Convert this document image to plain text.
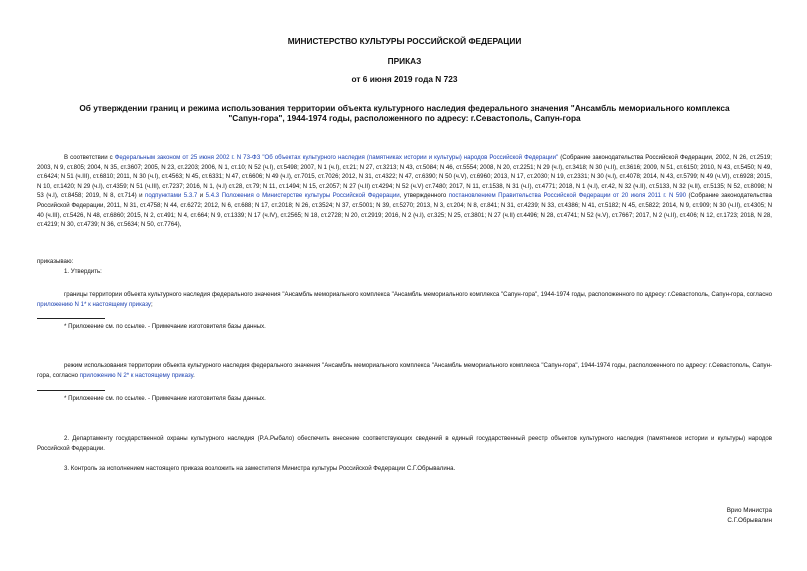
МИНИСТЕРСТВО КУЛЬТУРЫ РОССИЙСКОЙ ФЕДЕРАЦИИ
ПРИКАЗ
от 6 июня 2019 года N 723
Об утверждении границ и режима использования территории объекта культурного наследия федерального значения "Ансамбль мемориального комплекса "Сапун-гора", 1944-1974 годы, расположенного по адресу: г.Севастополь, Сапун-гора
В соответствии с Федеральным законом от 25 июня 2002 г. N 73-ФЗ "Об объектах культурного наследия (памятниках истории и культуры) народов Российской Федерации" (Собрание законодательства Российской Федерации, 2002, N 26, ст.2519; 2003, N 9, ст.805; 2004, N 35, ст.3607; 2005, N 23, ст.2203; 2006, N 1, ст.10; N 52 (ч.I), ст.5498; 2007, N 1 (ч.I), ст.21; N 27, ст.3213; N 43, ст.5084; N 46, ст.5554; 2008, N 20, ст.2251; N 29 (ч.I), ст.3418; N 30 (ч.II), ст.3616; 2009, N 51, ст.6150; 2010, N 43, ст.5450; N 49, ст.6424; N 51 (ч.III), ст.6810; 2011, N 30 (ч.I), ст.4563; N 45, ст.6331; N 47, ст.6606; N 49 (ч.I), ст.7015, ст.7026; 2012, N 31, ст.4322; N 47, ст.6390; N 50 (ч.V), ст.6960; 2013, N 17, ст.2030; N 19, ст.2331; N 30 (ч.I), ст.4078; 2014, N 43, ст.5799; N 49 (ч.VI), ст.6928; 2015, N 10, ст.1420; N 29 (ч.I), ст.4359; N 51 (ч.III), ст.7237; 2016, N 1, (ч.I) ст.28, ст.79; N 11, ст.1494; N 15, ст.2057; N 27 (ч.II) ст.4294; N 52 (ч.V) ст.7480; 2017, N 11, ст.1538, N 31 (ч.I), ст.4771; 2018, N 1 (ч.I), ст.42, N 32 (ч.II), ст.5133, N 32 (ч.II), ст.5135; N 52, ст.8098; N 53 (ч.I), ст.8458; 2019, N 8, ст.714) и подпунктами 5.3.7 и 5.4.3 Положения о Министерстве культуры Российской Федерации, утвержденного постановлением Правительства Российской Федерации от 20 июля 2011 г. N 590 (Собрание законодательства Российской Федерации, 2011, N 31, ст.4758; N 44, ст.6272; 2012, N 6, ст.688; N 17, ст.2018; N 26, ст.3524; N 37, ст.5001; N 39, ст.5270; 2013, N 3, ст.204; N 8, ст.841; N 31, ст.4239; N 33, ст.4386; N 41, ст.5182; N 45, ст.5822; 2014, N 9, ст.909; N 30 (ч.II), ст.4305; N 40 (ч.III), ст.5426, N 48, ст.6860; 2015, N 2, ст.491; N 4, ст.664; N 9, ст.1339; N 17 (ч.IV), ст.2565; N 18, ст.2728; N 20, ст.2919; 2016, N 2 (ч.I), ст.325; N 25, ст.3801; N 27 (ч.II) ст.4496; N 28, ст.4741; N 52 (ч.V), ст.7667; 2017, N 2 (ч.II), ст.406; N 12, ст.1723; 2018, N 28, ст.4219; N 30, ст.4739; N 36, ст.5634; N 50, ст.7764),
приказываю:
1. Утвердить:
границы территории объекта культурного наследия федерального значения "Ансамбль мемориального комплекса "Ансамбль мемориального комплекса "Сапун-гора", 1944-1974 годы, расположенного по адресу: г.Севастополь, Сапун-гора, согласно приложению N 1* к настоящему приказу;
* Приложение см. по ссылке. - Примечание изготовителя базы данных.
режим использования территории объекта культурного наследия федерального значения "Ансамбль мемориального комплекса "Ансамбль мемориального комплекса "Сапун-гора", 1944-1974 годы, расположенного по адресу: г.Севастополь, Сапун-гора, согласно приложению N 2* к настоящему приказу.
* Приложение см. по ссылке. - Примечание изготовителя базы данных.
2. Департаменту государственной охраны культурного наследия (Р.А.Рыбало) обеспечить внесение соответствующих сведений в единый государственный реестр объектов культурного наследия (памятников истории и культуры) народов Российской Федерации.
3. Контроль за исполнением настоящего приказа возложить на заместителя Министра культуры Российской Федерации С.Г.Обрывалина.
Врио Министра
С.Г.Обрывалин
